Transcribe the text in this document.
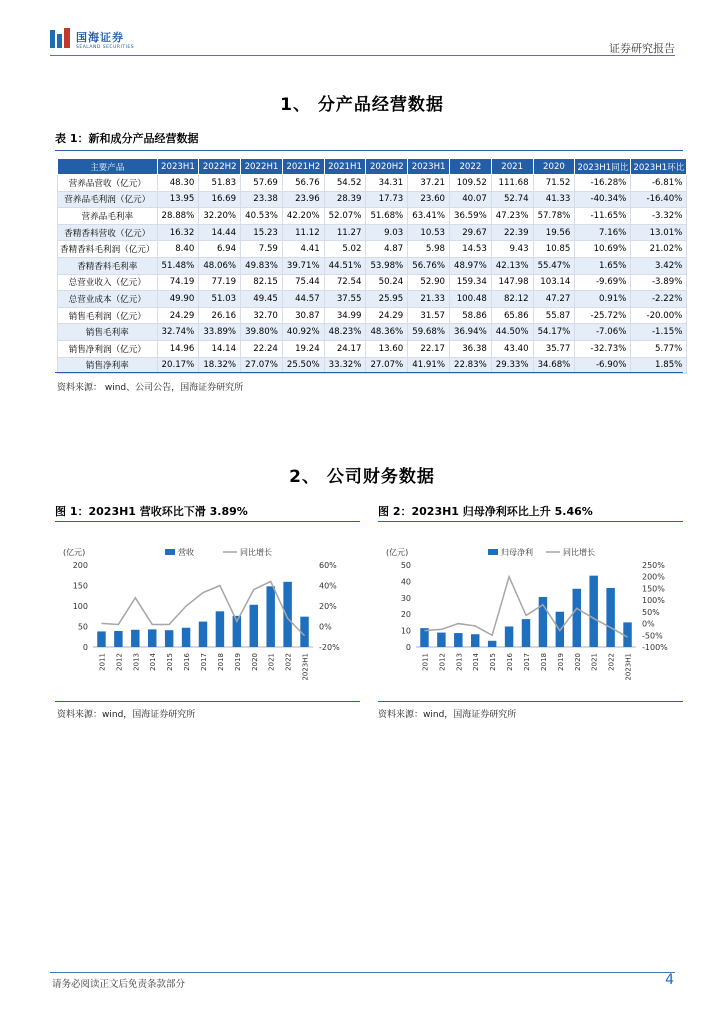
国海证券
SEALAND SECURITIES	证券研究报告
1、 分产品经营数据
表 1：新和成分产品经营数据
主要产品	2023H1	2022H2	2022H1	2021H2	2021H1	2020H2	2023H1	2022	2021	2020	2023H1同比	2023H1环比
营养品营收（亿元）	48.30	51.83	57.69	56.76	54.52	34.31	37.21	109.52	111.68	71.52	-16.28%	-6.81%
营养品毛利润（亿元）	13.95	16.69	23.38	23.96	28.39	17.73	23.60	40.07	52.74	41.33	-40.34%	-16.40%
营养品毛利率	28.88%	32.20%	40.53%	42.20%	52.07%	51.68%	63.41%	36.59%	47.23%	57.78%	-11.65%	-3.32%
香精香料营收（亿元）	16.32	14.44	15.23	11.12	11.27	9.03	10.53	29.67	22.39	19.56	7.16%	13.01%
香精香料毛利润（亿元）	8.40	6.94	7.59	4.41	5.02	4.87	5.98	14.53	9.43	10.85	10.69%	21.02%
香精香料毛利率	51.48%	48.06%	49.83%	39.71%	44.51%	53.98%	56.76%	48.97%	42.13%	55.47%	1.65%	3.42%
总营业收入（亿元）	74.19	77.19	82.15	75.44	72.54	50.24	52.90	159.34	147.98	103.14	-9.69%	-3.89%
总营业成本（亿元）	49.90	51.03	49.45	44.57	37.55	25.95	21.33	100.48	82.12	47.27	0.91%	-2.22%
销售毛利润（亿元）	24.29	26.16	32.70	30.87	34.99	24.29	31.57	58.86	65.86	55.87	-25.72%	-20.00%
销售毛利率	32.74%	33.89%	39.80%	40.92%	48.23%	48.36%	59.68%	36.94%	44.50%	54.17%	-7.06%	-1.15%
销售净利润（亿元）	14.96	14.14	22.24	19.24	24.17	13.60	22.17	36.38	43.40	35.77	-32.73%	5.77%
销售净利率	20.17%	18.32%	27.07%	25.50%	33.32%	27.07%	41.91%	22.83%	29.33%	34.68%	-6.90%	1.85%
资料来源： wind、公司公告，国海证券研究所
2、 公司财务数据
图 1：2023H1 营收环比下滑 3.89%	图 2：2023H1 归母净利环比上升 5.46%
(亿元)	营收	同比增长
0
50
100
150
200
-20%
0%
20%
40%
60%
2011 2012 2013 2014 2015 2016 2017 2018 2019 2020 2021 2022 2023H1
(亿元)	归母净利	同比增长
0
10
20
30
40
50
-100%
-50%
0%
50%
100%
150%
200%
250%
2011 2012 2013 2014 2015 2016 2017 2018 2019 2020 2021 2022 2023H1
资料来源：wind，国海证券研究所	资料来源：wind，国海证券研究所
请务必阅读正文后免责条款部分	4
